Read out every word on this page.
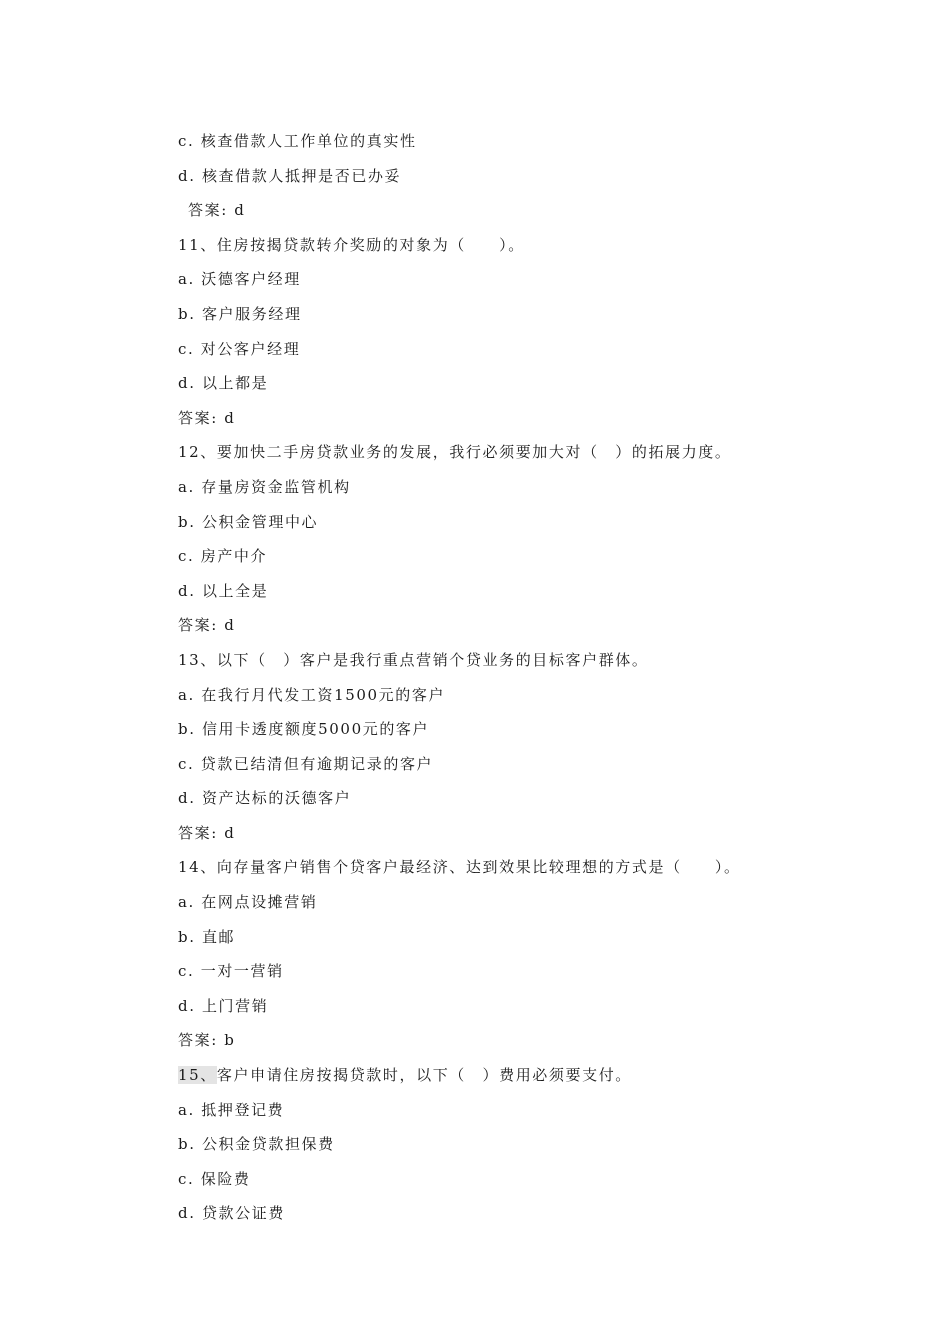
c. 核查借款人工作单位的真实性
d. 核查借款人抵押是否已办妥
答案: d
11、住房按揭贷款转介奖励的对象为（　　）。
a. 沃德客户经理
b. 客户服务经理
c. 对公客户经理
d. 以上都是
答案: d
12、要加快二手房贷款业务的发展，我行必须要加大对（　）的拓展力度。
a. 存量房资金监管机构
b. 公积金管理中心
c. 房产中介
d. 以上全是
答案: d
13、以下（　）客户是我行重点营销个贷业务的目标客户群体。
a. 在我行月代发工资1500元的客户
b. 信用卡透度额度5000元的客户
c. 贷款已结清但有逾期记录的客户
d. 资产达标的沃德客户
答案: d
14、向存量客户销售个贷客户最经济、达到效果比较理想的方式是（　　）。
a. 在网点设摊营销
b. 直邮
c. 一对一营销
d. 上门营销
答案: b
15、客户申请住房按揭贷款时，以下（　）费用必须要支付。
a. 抵押登记费
b. 公积金贷款担保费
c. 保险费
d. 贷款公证费
